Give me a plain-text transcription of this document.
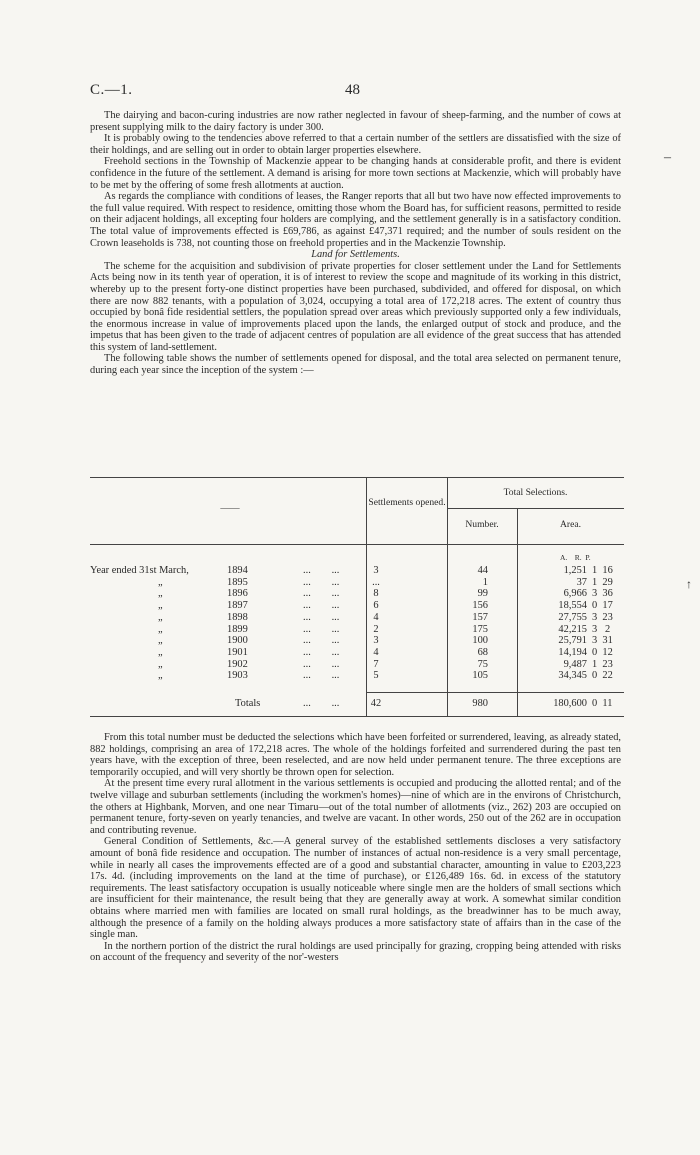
C.—1.	48

The dairying and bacon-curing industries are now rather neglected in favour of sheep-farming, and the number of cows at present supplying milk to the dairy factory is under 300.

It is probably owing to the tendencies above referred to that a certain number of the settlers are dissatisfied with the size of their holdings, and are selling out in order to obtain larger properties elsewhere.

Freehold sections in the Township of Mackenzie appear to be changing hands at considerable profit, and there is evident confidence in the future of the settlement. A demand is arising for more town sections at Mackenzie, which will probably have to be met by the offering of some fresh allotments at auction.

As regards the compliance with conditions of leases, the Ranger reports that all but two have now effected improvements to the full value required. With respect to residence, omitting those whom the Board has, for sufficient reasons, permitted to reside on their adjacent holdings, all excepting four holders are complying, and the settlement generally is in a satisfactory condition. The total value of improvements effected is £69,786, as against £47,371 required; and the number of souls resident on the Crown leaseholds is 738, not counting those on freehold properties and in the Mackenzie Township.

Land for Settlements.

The scheme for the acquisition and subdivision of private properties for closer settlement under the Land for Settlements Acts being now in its tenth year of operation, it is of interest to review the scope and magnitude of its working in this district, whereby up to the present forty-one distinct properties have been purchased, subdivided, and offered for disposal, on which there are now 882 tenants, with a population of 3,024, occupying a total area of 172,218 acres. The extent of country thus occupied by bonâ fide residential settlers, the population spread over areas which previously supported only a few individuals, the enormous increase in value of improvements placed upon the lands, the enlarged output of stock and produce, and the impetus that has been given to the trade of adjacent centres of population are all evidence of the great success that has attended this system of land-settlement.

The following table shows the number of settlements opened for disposal, and the total area selected on permanent tenure, during each year since the inception of the system :—

——
Settlements opened.
Total Selections.
Number.	Area.
A.    R.  P.
Year ended 31st March,	1894	...        ...	3	44	1,251 1  16
„	1895	...        ...	...	1	37 1  29
„	1896	...        ...	8	99	6,966 3  36
„	1897	...        ...	6	156	18,554 0  17
„	1898	...        ...	4	157	27,755 3  23
„	1899	...        ...	2	175	42,215 3   2
„	1900	...        ...	3	100	25,791 3  31
„	1901	...        ...	4	68	14,194 0  12
„	1902	...        ...	7	75	9,487 1  23
„	1903	...        ...	5	105	34,345 0  22
Totals	...        ...	42	980	180,600 0  11

From this total number must be deducted the selections which have been forfeited or surrendered, leaving, as already stated, 882 holdings, comprising an area of 172,218 acres. The whole of the holdings forfeited and surrendered during the past ten years have, with the exception of three, been reselected, and are now held under permanent tenure. The three exceptions are temporarily occupied, and will very shortly be thrown open for selection.

At the present time every rural allotment in the various settlements is occupied and producing the allotted rental; and of the twelve village and suburban settlements (including the workmen's homes)—nine of which are in the environs of Christchurch, the others at Highbank, Morven, and one near Timaru—out of the total number of allotments (viz., 262) 203 are occupied on permanent tenure, forty-seven on yearly tenancies, and twelve are vacant. In other words, 250 out of the 262 are in occupation and contributing revenue.

General Condition of Settlements, &c.—A general survey of the established settlements discloses a very satisfactory amount of bonâ fide residence and occupation. The number of instances of actual non-residence is a very small percentage, while in nearly all cases the improvements effected are of a good and substantial character, amounting in value to £203,223 17s. 4d. (including improvements on the land at the time of purchase), or £126,489 16s. 6d. in excess of the statutory requirements. The least satisfactory occupation is usually noticeable where single men are the holders of small sections which are insufficient for their maintenance, the result being that they are generally away at work. A somewhat similar condition obtains where married men with families are located on small rural holdings, as the breadwinner has to be much away, although the presence of a family on the holding always produces a more satisfactory state of affairs than in the case of the single man.

In the northern portion of the district the rural holdings are used principally for grazing, cropping being attended with risks on account of the frequency and severity of the nor'-westers

–
↑
